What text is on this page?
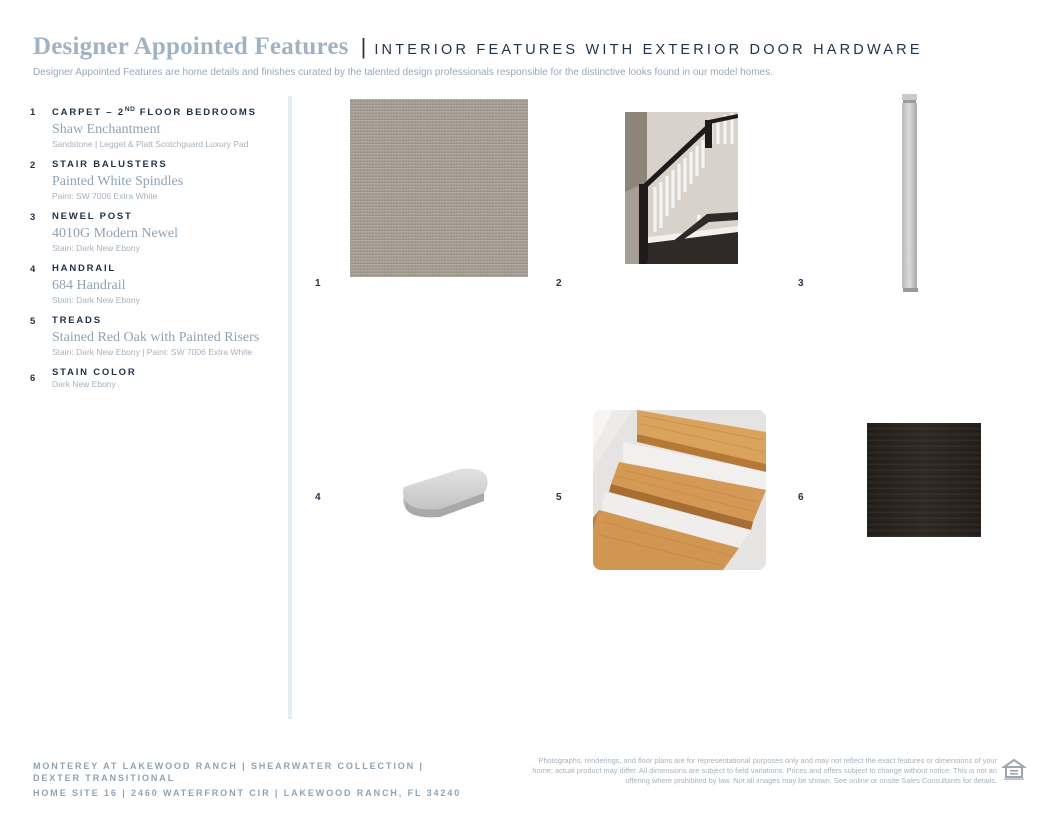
Designer Appointed Features | INTERIOR FEATURES WITH EXTERIOR DOOR HARDWARE
Designer Appointed Features are home details and finishes curated by the talented design professionals responsible for the distinctive looks found in our model homes.
1 CARPET – 2ND FLOOR BEDROOMS
Shaw Enchantment
Sandstone | Legget & Platt Scotchguard Luxury Pad
2 STAIR BALUSTERS
Painted White Spindles
Paint: SW 7006 Extra White
3 NEWEL POST
4010G Modern Newel
Stain: Dark New Ebony
4 HANDRAIL
684 Handrail
Stain: Dark New Ebony
5 TREADS
Stained Red Oak with Painted Risers
Stain: Dark New Ebony | Paint: SW 7006 Extra White
6
STAIN COLOR
Dark New Ebony
1	2	3
4	5	6
MONTEREY AT LAKEWOOD RANCH | SHEARWATER COLLECTION | DEXTER TRANSITIONAL
HOME SITE 16 | 2460 WATERFRONT CIR | LAKEWOOD RANCH, FL 34240
Photographs, renderings, and floor plans are for representational purposes only and may not reflect the exact features or dimensions of your home; actual product may differ. All dimensions are subject to field variations. Prices and offers subject to change without notice. This is not an offering where prohibited by law. Not all images may be shown. See online or onsite Sales Consultants for details.
